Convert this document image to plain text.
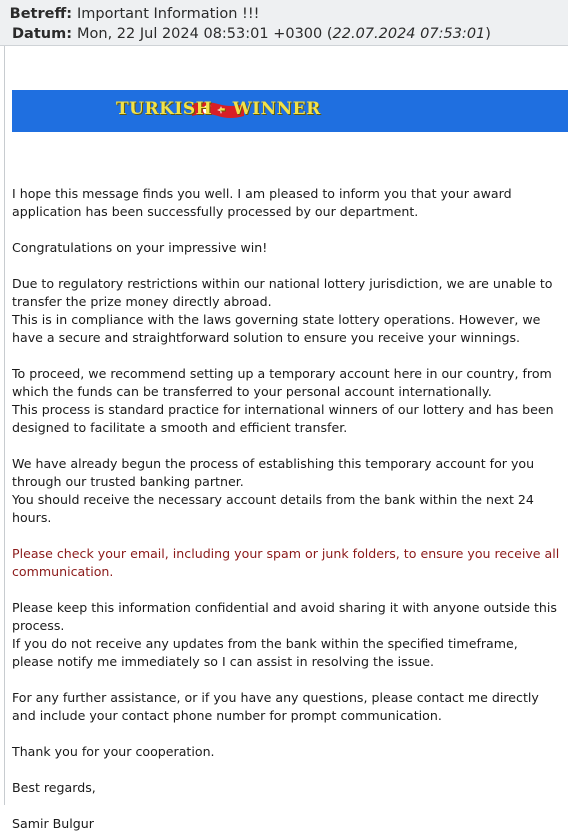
Betreff: Important Information !!!
Datum: Mon, 22 Jul 2024 08:53:01 +0300 (22.07.2024 07:53:01)
TURKISH - WINNER

I hope this message finds you well. I am pleased to inform you that your award application has been successfully processed by our department.

Congratulations on your impressive win!

Due to regulatory restrictions within our national lottery jurisdiction, we are unable to transfer the prize money directly abroad.

This is in compliance with the laws governing state lottery operations. However, we have a secure and straightforward solution to ensure you receive your winnings.

To proceed, we recommend setting up a temporary account here in our country, from which the funds can be transferred to your personal account internationally.

This process is standard practice for international winners of our lottery and has been designed to facilitate a smooth and efficient transfer.

We have already begun the process of establishing this temporary account for you through our trusted banking partner.

You should receive the necessary account details from the bank within the next 24 hours.

Please check your email, including your spam or junk folders, to ensure you receive all communication.

Please keep this information confidential and avoid sharing it with anyone outside this process.

If you do not receive any updates from the bank within the specified timeframe, please notify me immediately so I can assist in resolving the issue.

For any further assistance, or if you have any questions, please contact me directly and include your contact phone number for prompt communication.

Thank you for your cooperation.

Best regards,

Samir Bulgur
